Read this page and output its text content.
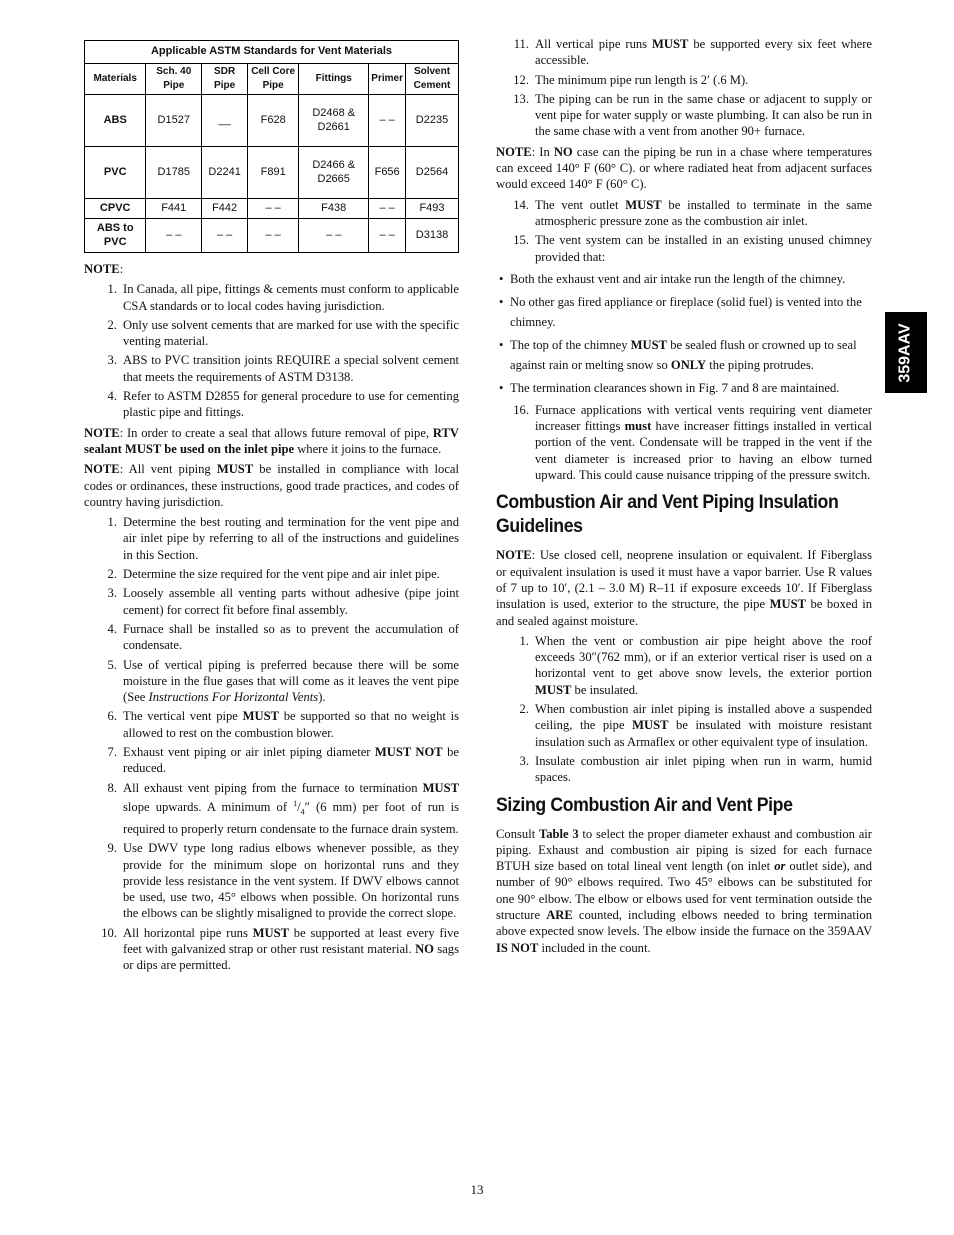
Applicable ASTM Standards for Vent Materials						
Materials	Sch. 40 Pipe	SDR Pipe	Cell Core Pipe	Fittings	Primer	Solvent Cement
ABS	D1527	__	F628	D2468 & D2661	– –	D2235
PVC	D1785	D2241	F891	D2466 & D2665	F656	D2564
CPVC	F441	F442	– –	F438	– –	F493
ABS to PVC	– –	– –	– –	– –	– –	D3138

NOTE:

1. In Canada, all pipe, fittings & cements must conform to applicable CSA standards or to local codes having jurisdiction.
2. Only use solvent cements that are marked for use with the specific venting material.
3. ABS to PVC transition joints REQUIRE a special solvent cement that meets the requirements of ASTM D3138.
4. Refer to ASTM D2855 for general procedure to use for cementing plastic pipe and fittings.

NOTE: In order to create a seal that allows future removal of pipe, RTV sealant MUST be used on the inlet pipe where it joins to the furnace.

NOTE: All vent piping MUST be installed in compliance with local codes or ordinances, these instructions, good trade practices, and codes of country having jurisdiction.

1. Determine the best routing and termination for the vent pipe and air inlet pipe by referring to all of the instructions and guidelines in this Section.
2. Determine the size required for the vent pipe and air inlet pipe.
3. Loosely assemble all venting parts without adhesive (pipe joint cement) for correct fit before final assembly.
4. Furnace shall be installed so as to prevent the accumulation of condensate.
5. Use of vertical piping is preferred because there will be some moisture in the flue gases that will come as it leaves the vent pipe (See Instructions For Horizontal Vents).
6. The vertical vent pipe MUST be supported so that no weight is allowed to rest on the combustion blower.
7. Exhaust vent piping or air inlet piping diameter MUST NOT be reduced.
8. All exhaust vent piping from the furnace to termination MUST slope upwards. A minimum of $^1/_4''$ (6 mm) per foot of run is required to properly return condensate to the furnace drain system.
9. Use DWV type long radius elbows whenever possible, as they provide for the minimum slope on horizontal runs and they provide less resistance in the vent system. If DWV elbows cannot be used, use two, 45° elbows when possible. On horizontal runs the elbows can be slightly misaligned to provide the correct slope.
10. All horizontal pipe runs MUST be supported at least every five feet with galvanized strap or other rust resistant material. NO sags or dips are permitted.
11. All vertical pipe runs MUST be supported every six feet where accessible.
12. The minimum pipe run length is 2′ (.6 M).
13. The piping can be run in the same chase or adjacent to supply or vent pipe for water supply or waste plumbing. It can also be run in the same chase with a vent from another 90+ furnace.

NOTE: In NO case can the piping be run in a chase where temperatures can exceed 140° F (60° C). or where radiated heat from adjacent surfaces would exceed 140° F (60° C).

14. The vent outlet MUST be installed to terminate in the same atmospheric pressure zone as the combustion air inlet.
15. The vent system can be installed in an existing unused chimney provided that:
• Both the exhaust vent and air intake run the length of the chimney.
• No other gas fired appliance or fireplace (solid fuel) is vented into the chimney.
• The top of the chimney MUST be sealed flush or crowned up to seal against rain or melting snow so ONLY the piping protrudes.
• The termination clearances shown in Fig. 7 and 8 are maintained.
16. Furnace applications with vertical vents requiring vent diameter increaser fittings must have increaser fittings installed in vertical portion of the vent. Condensate will be trapped in the vent if the vent diameter is increased prior to having an elbow turned upward. This could cause nuisance tripping of the pressure switch.
Combustion Air and Vent Piping Insulation Guidelines

NOTE: Use closed cell, neoprene insulation or equivalent. If Fiberglass or equivalent insulation is used it must have a vapor barrier. Use R values of 7 up to 10′, (2.1 – 3.0 M) R–11 if exposure exceeds 10′. If Fiberglass insulation is used, exterior to the structure, the pipe MUST be boxed in and sealed against moisture.

1. When the vent or combustion air pipe height above the roof exceeds 30″(762 mm), or if an exterior vertical riser is used on a horizontal vent to get above snow levels, the exterior portion MUST be insulated.
2. When combustion air inlet piping is installed above a suspended ceiling, the pipe MUST be insulated with moisture resistant insulation such as Armaflex or other equivalent type of insulation.
3. Insulate combustion air inlet piping when run in warm, humid spaces.
Sizing Combustion Air and Vent Pipe

Consult Table 3 to select the proper diameter exhaust and combustion air piping. Exhaust and combustion air piping is sized for each furnace BTUH size based on total lineal vent length (on inlet or outlet side), and number of 90° elbows required. Two 45° elbows can be substituted for one 90° elbow. The elbow or elbows used for vent termination outside the structure ARE counted, including elbows needed to bring termination above expected snow levels. The elbow inside the furnace on the 359AAV IS NOT included in the count.

359AAV
13
